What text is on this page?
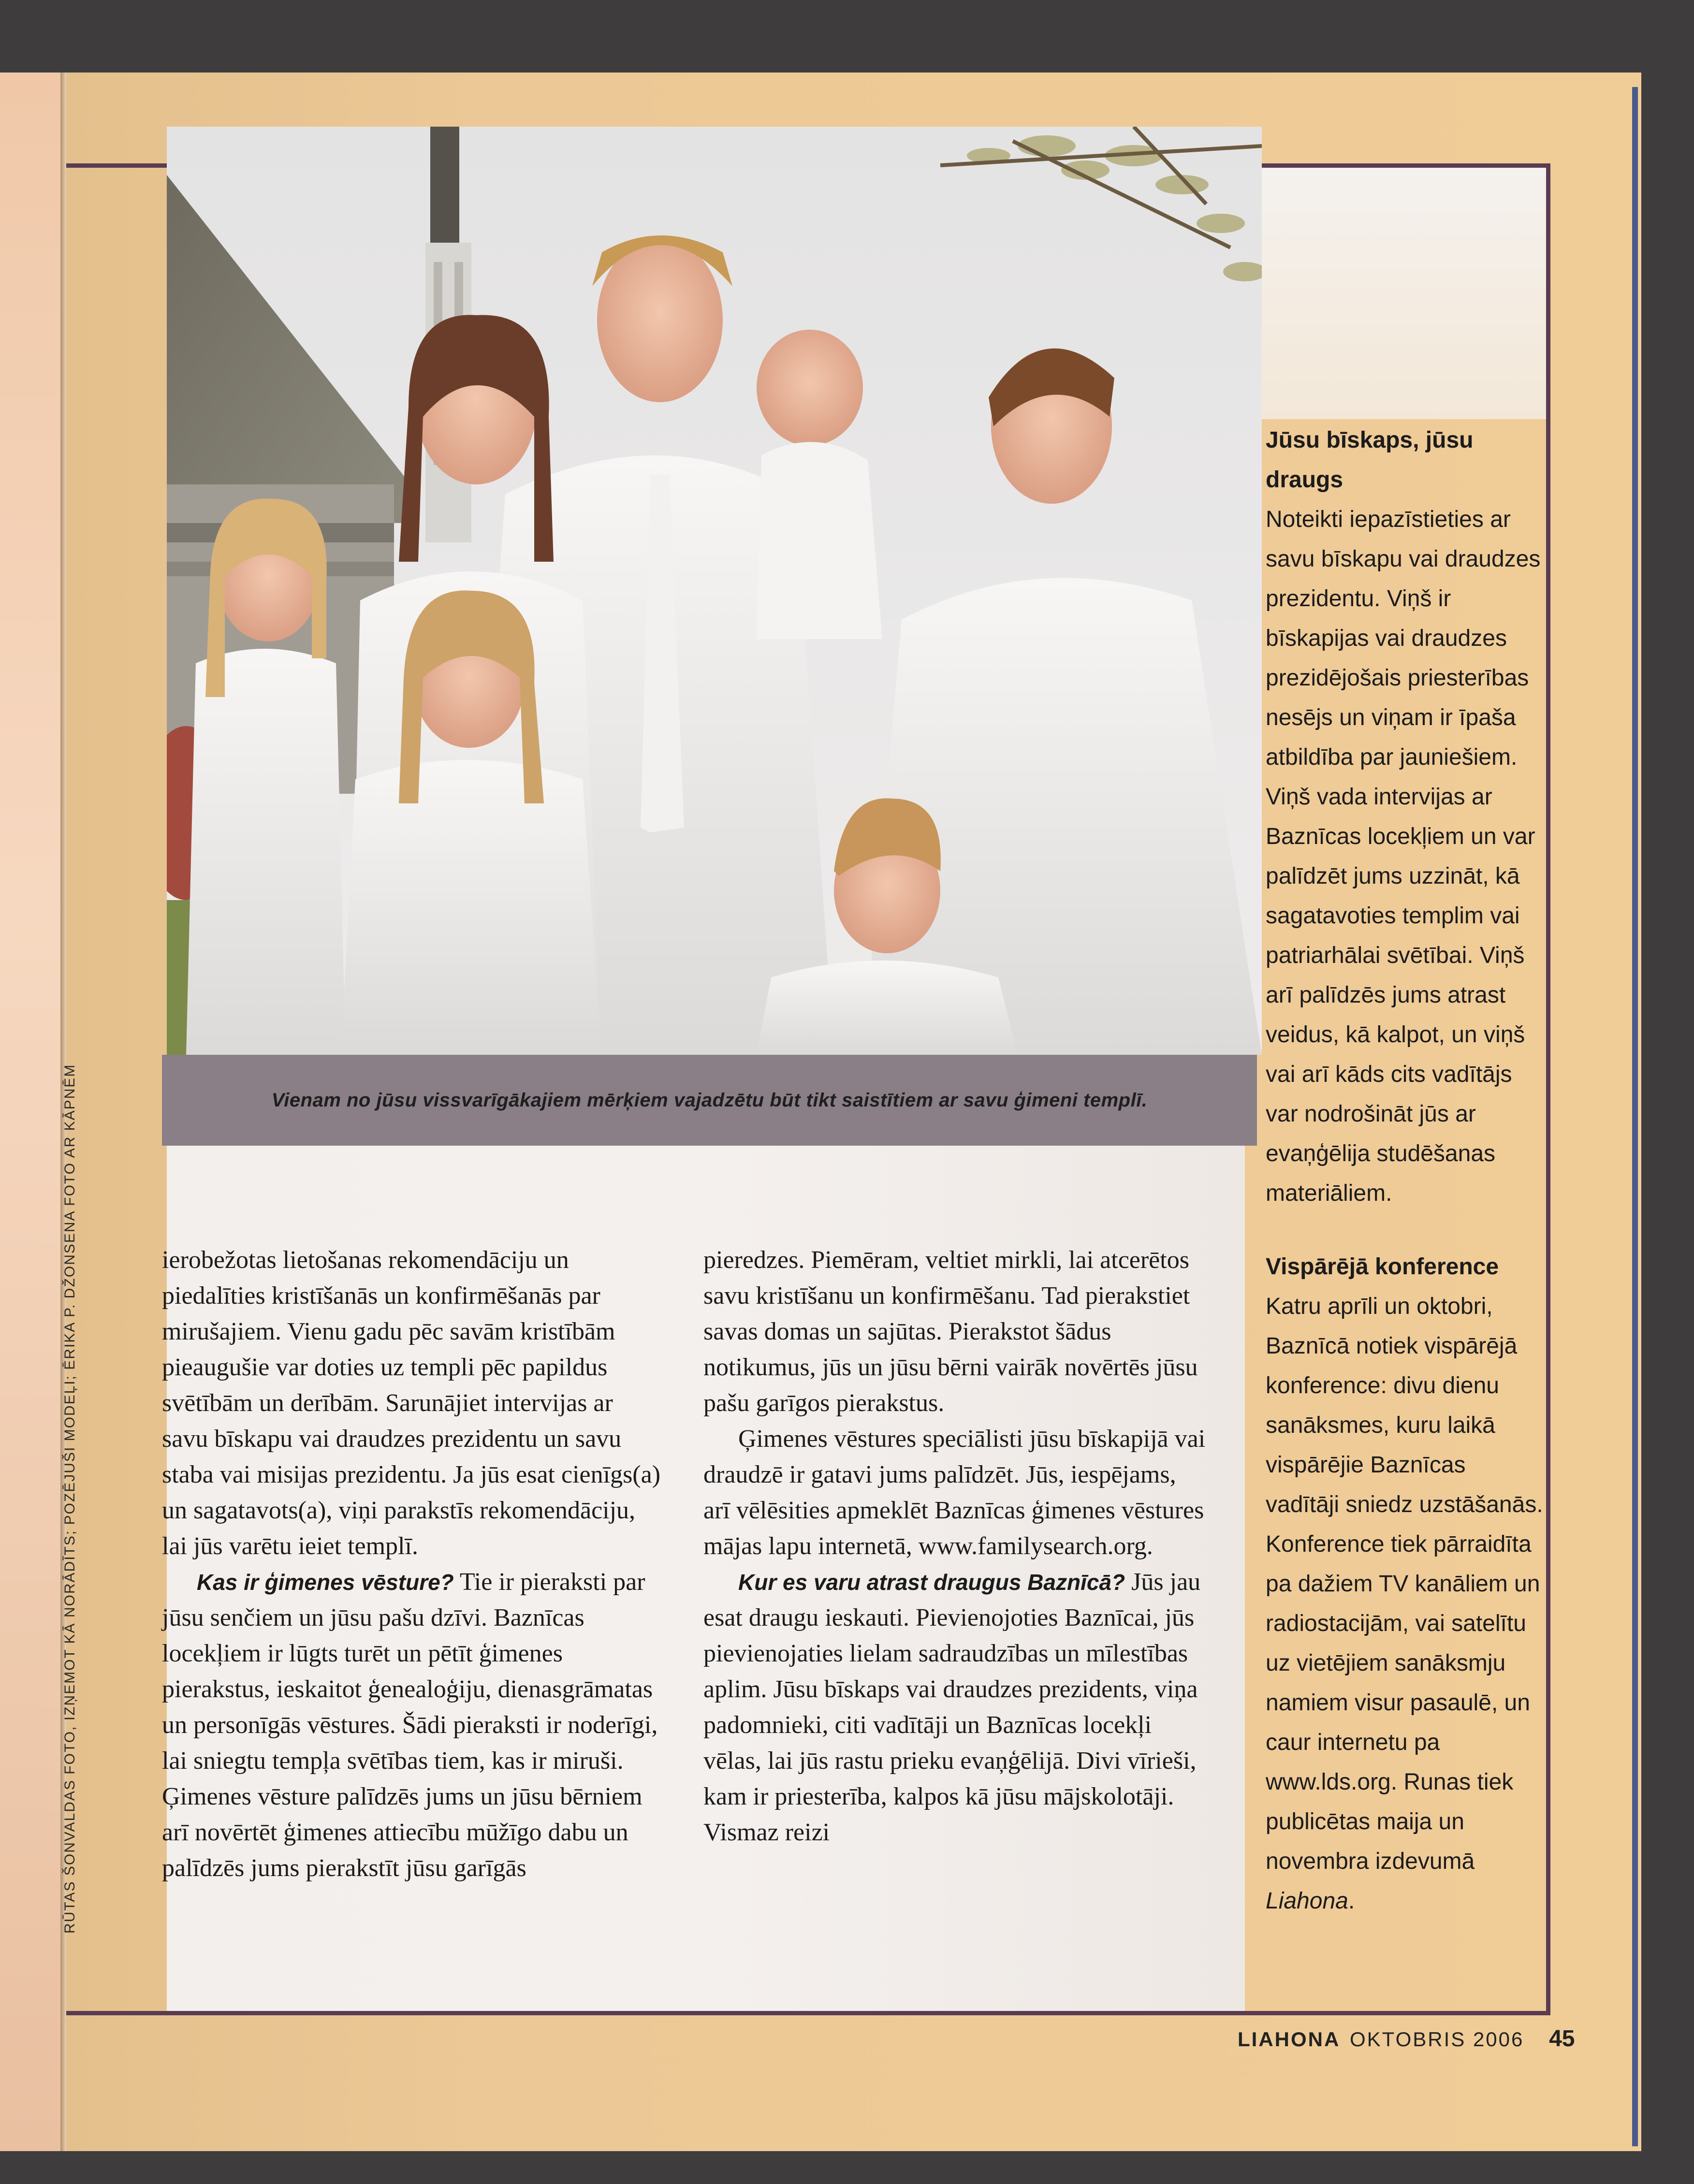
Vienam no jūsu vissvarīgākajiem mērķiem vajadzētu būt tikt saistītiem ar savu ģimeni templī.
RŪTAS ŠONVALDAS FOTO, IZŅEMOT KĀ NORĀDĪTS; POZĒJUŠI MODEĻI; ĒRIKA P. DŽONSENA FOTO AR KĀPNĒM	ierobežotas lietošanas rekomendāciju un piedalīties kristīšanās un konfirmēšanās par mirušajiem. Vienu gadu pēc savām kristībām pieaugušie var doties uz templi pēc papildus svētībām un derībām. Sarunājiet intervijas ar savu bīskapu vai draudzes prezidentu un savu staba vai misijas prezidentu. Ja jūs esat cienīgs(a) un sagatavots(a), viņi parakstīs rekomendāciju, lai jūs varētu ieiet templī.

Kas ir ģimenes vēsture? Tie ir pieraksti par jūsu senčiem un jūsu pašu dzīvi. Baznīcas locekļiem ir lūgts turēt un pētīt ģimenes pierakstus, ieskaitot ģenealoģiju, dienasgrāmatas un personīgās vēstures. Šādi pieraksti ir noderīgi, lai sniegtu tempļa svētības tiem, kas ir miruši. Ģimenes vēsture palīdzēs jums un jūsu bērniem arī novērtēt ģimenes attiecību mūžīgo dabu un palīdzēs jums pierakstīt jūsu garīgās

pieredzes. Piemēram, veltiet mirkli, lai atcerētos savu kristīšanu un konfirmēšanu. Tad pierakstiet savas domas un sajūtas. Pierakstot šādus notikumus, jūs un jūsu bērni vairāk novērtēs jūsu pašu garīgos pierakstus.

Ģimenes vēstures speciālisti jūsu bīskapijā vai draudzē ir gatavi jums palīdzēt. Jūs, iespējams, arī vēlēsities apmeklēt Baznīcas ģimenes vēstures mājas lapu internetā, www.familysearch.org.

Kur es varu atrast draugus Baznīcā? Jūs jau esat draugu ieskauti. Pievienojoties Baznīcai, jūs pievienojaties lielam sadraudzības un mīlestības aplim. Jūsu bīskaps vai draudzes prezidents, viņa padomnieki, citi vadītāji un Baznīcas locekļi vēlas, lai jūs rastu prieku evaņģēlijā. Divi vīrieši, kam ir priesterība, kalpos kā jūsu mājskolotāji. Vismaz reizi

Jūsu bīskaps, jūsu draugs

Noteikti iepazīstieties ar savu bīskapu vai draudzes prezidentu. Viņš ir bīskapijas vai draudzes prezidējošais priesterības nesējs un viņam ir īpaša atbildība par jauniešiem. Viņš vada intervijas ar Baznīcas locekļiem un var palīdzēt jums uzzināt, kā sagatavoties templim vai patriarhālai svētībai. Viņš arī palīdzēs jums atrast veidus, kā kalpot, un viņš vai arī kāds cits vadītājs var nodrošināt jūs ar evaņģēlija studēšanas materiāliem.

Vispārējā konference

Katru aprīli un oktobri, Baznīcā notiek vispārējā konference: divu dienu sanāksmes, kuru laikā vispārējie Baznīcas vadītāji sniedz uzstāšanās. Konference tiek pārraidīta pa dažiem TV kanāliem un radiostacijām, vai satelītu uz vietējiem sanāksmju namiem visur pasaulē, un caur internetu pa www.lds.org. Runas tiek publicētas maija un novembra izdevumā Liahona.

LIAHONA OKTOBRIS 2006 45
